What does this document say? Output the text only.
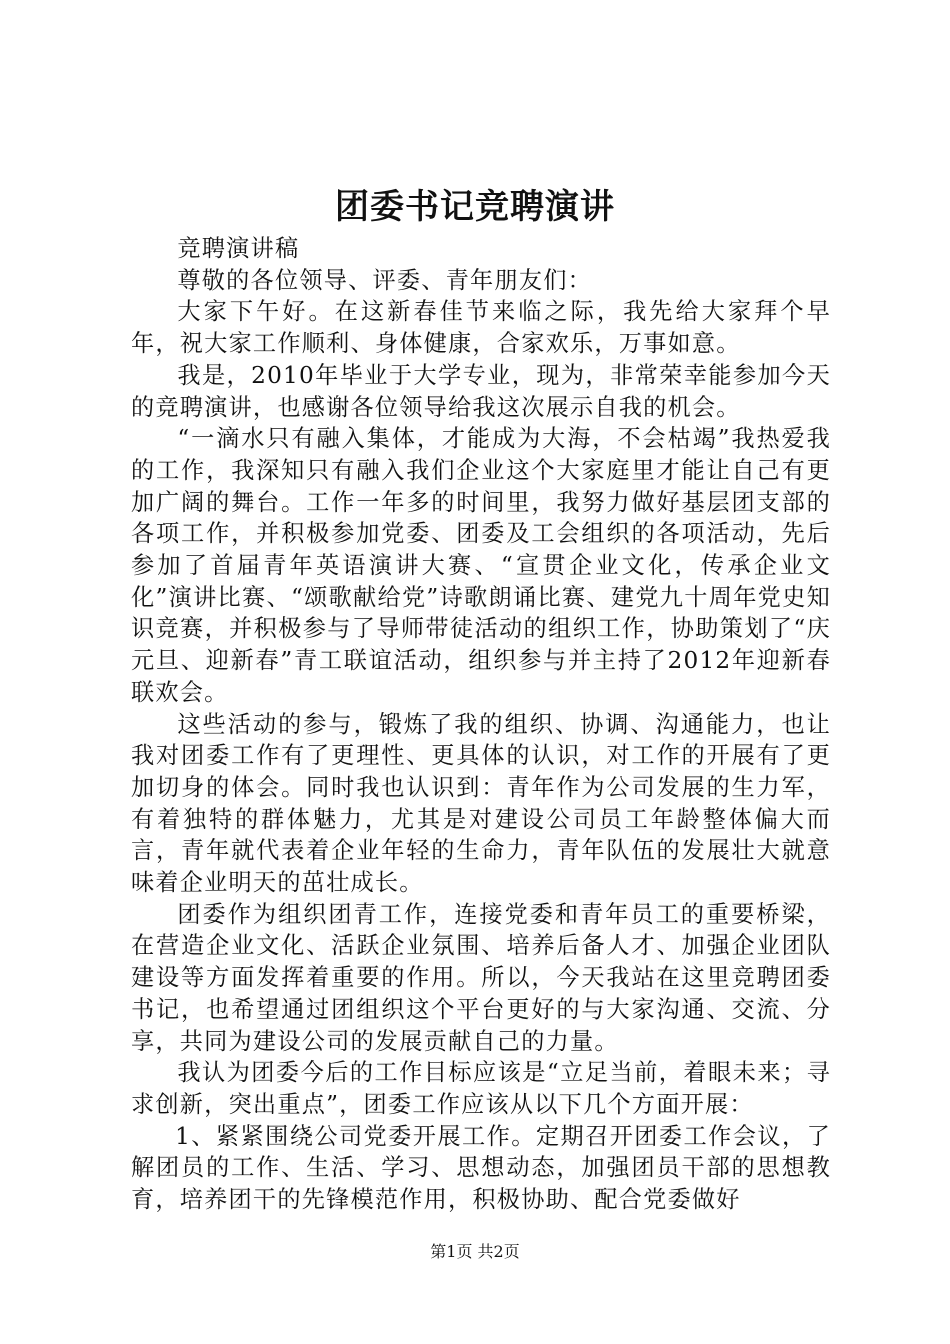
团委书记竞聘演讲

竞聘演讲稿

尊敬的各位领导、评委、青年朋友们：

大家下午好。在这新春佳节来临之际，我先给大家拜个早年，祝大家工作顺利、身体健康，合家欢乐，万事如意。

我是，2010年毕业于大学专业，现为，非常荣幸能参加今天的竞聘演讲，也感谢各位领导给我这次展示自我的机会。

“一滴水只有融入集体，才能成为大海，不会枯竭”我热爱我的工作，我深知只有融入我们企业这个大家庭里才能让自己有更加广阔的舞台。工作一年多的时间里，我努力做好基层团支部的各项工作，并积极参加党委、团委及工会组织的各项活动，先后参加了首届青年英语演讲大赛、“宣贯企业文化，传承企业文化”演讲比赛、“颂歌献给党”诗歌朗诵比赛、建党九十周年党史知识竞赛，并积极参与了导师带徒活动的组织工作，协助策划了“庆元旦、迎新春”青工联谊活动，组织参与并主持了2012年迎新春联欢会。

这些活动的参与，锻炼了我的组织、协调、沟通能力，也让我对团委工作有了更理性、更具体的认识，对工作的开展有了更加切身的体会。同时我也认识到：青年作为公司发展的生力军，有着独特的群体魅力，尤其是对建设公司员工年龄整体偏大而言，青年就代表着企业年轻的生命力，青年队伍的发展壮大就意味着企业明天的茁壮成长。

团委作为组织团青工作，连接党委和青年员工的重要桥梁，在营造企业文化、活跃企业氛围、培养后备人才、加强企业团队建设等方面发挥着重要的作用。所以，今天我站在这里竞聘团委书记，也希望通过团组织这个平台更好的与大家沟通、交流、分享，共同为建设公司的发展贡献自己的力量。

我认为团委今后的工作目标应该是“立足当前，着眼未来；寻求创新，突出重点”，团委工作应该从以下几个方面开展：

1、紧紧围绕公司党委开展工作。定期召开团委工作会议，了解团员的工作、生活、学习、思想动态，加强团员干部的思想教育，培养团干的先锋模范作用，积极协助、配合党委做好

第1页 共2页
